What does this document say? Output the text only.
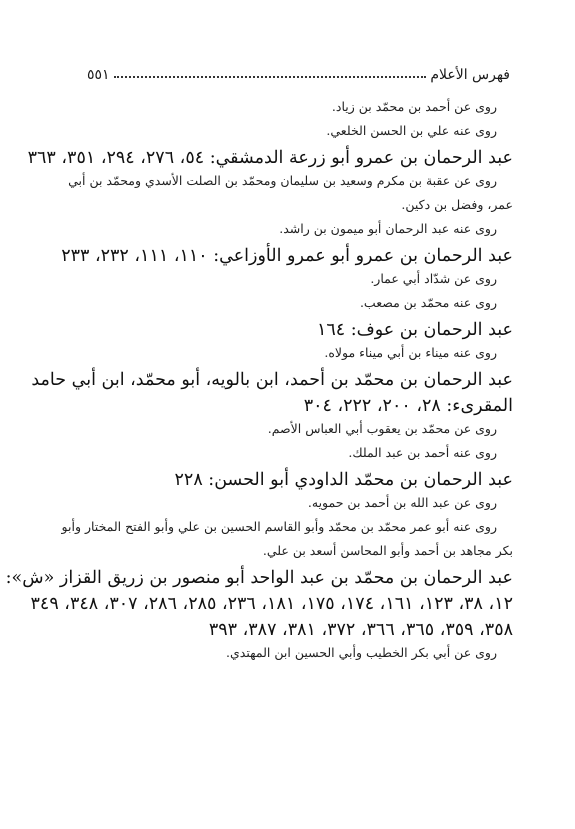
فهرس الأعلام
٥٥١

روى عن أحمد بن محمّد بن زياد.

روى عنه علي بن الحسن الخلعي.

عبد الرحمان بن عمرو أبو زرعة الدمشقي: ٥٤، ٢٧٦، ٢٩٤، ٣٥١، ٣٦٣

روى عن عقبة بن مكرم وسعيد بن سليمان ومحمّد بن الصلت الأسدي ومحمّد بن أبي

عمر، وفضل بن دكين.

روى عنه عبد الرحمان أبو ميمون بن راشد.

عبد الرحمان بن عمرو أبو عمرو الأوزاعي: ١١٠، ١١١، ٢٣٢، ٢٣٣

روى عن شدّاد أبي عمار.

روى عنه محمّد بن مصعب.

عبد الرحمان بن عوف: ١٦٤

روى عنه ميناء بن أبي ميناء مولاه.

عبد الرحمان بن محمّد بن أحمد، ابن بالويه، أبو محمّد، ابن أبي حامد

المقرىء: ٢٨، ٢٠٠، ٢٢٢، ٣٠٤

روى عن محمّد بن يعقوب أبي العباس الأصم.

روى عنه أحمد بن عبد الملك.

عبد الرحمان بن محمّد الداودي أبو الحسن: ٢٢٨

روى عن عبد الله بن أحمد بن حمويه.

روى عنه أبو عمر محمّد بن محمّد وأبو القاسم الحسين بن علي وأبو الفتح المختار وأبو

بكر مجاهد بن أحمد وأبو المحاسن أسعد بن علي.

عبد الرحمان بن محمّد بن عبد الواحد أبو منصور بن زريق القزاز «ش»:

١٢، ٣٨، ١٢٣، ١٦١، ١٧٤، ١٧٥، ١٨١، ٢٣٦، ٢٨٥، ٢٨٦، ٣٠٧، ٣٤٨، ٣٤٩

٣٥٨، ٣٥٩، ٣٦٥، ٣٦٦، ٣٧٢، ٣٨١، ٣٨٧، ٣٩٣

روى عن أبي بكر الخطيب وأبي الحسين ابن المهتدي.
